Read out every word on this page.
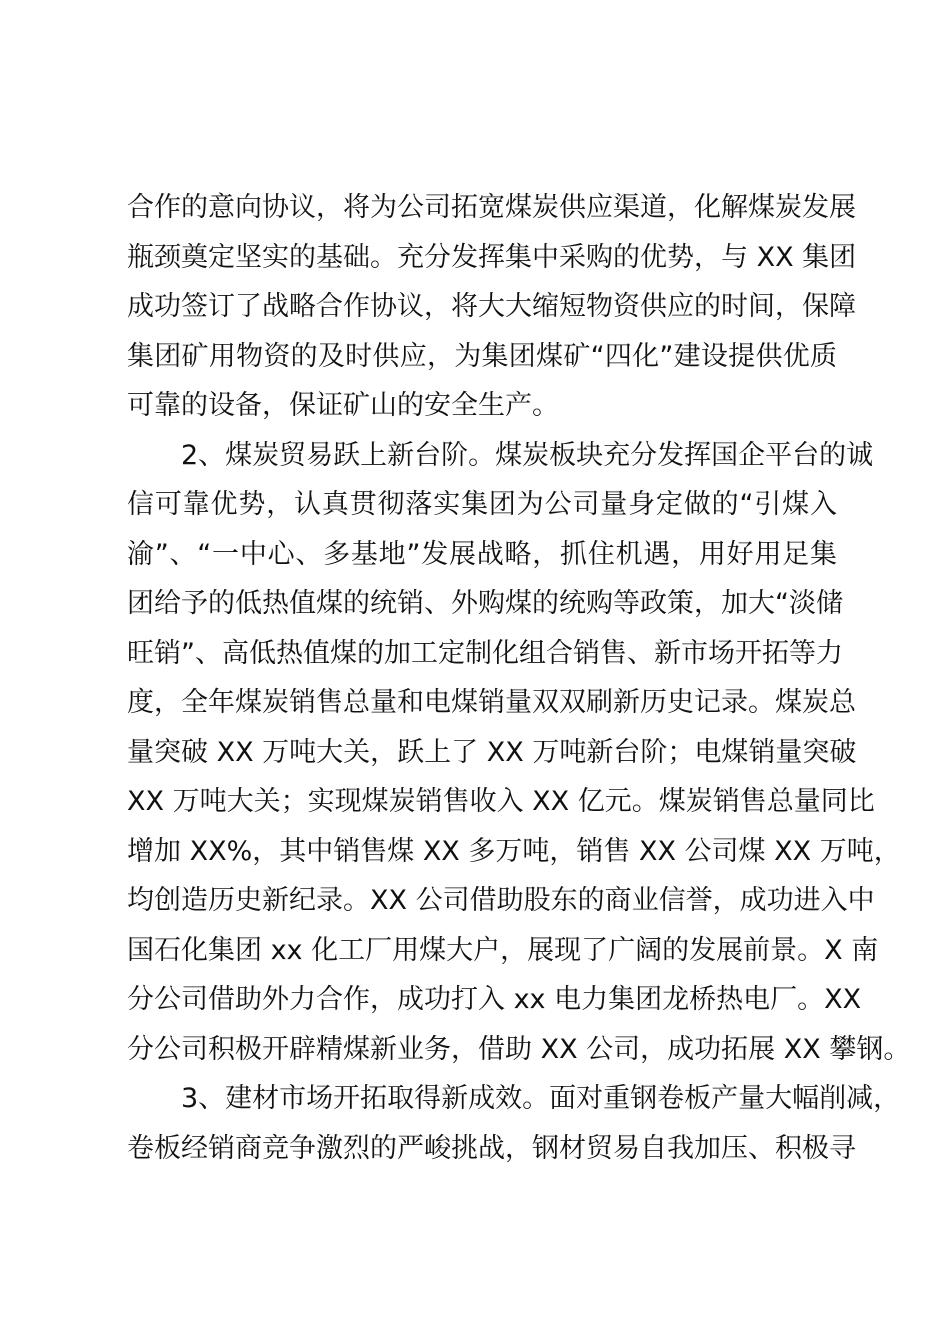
合作的意向协议，将为公司拓宽煤炭供应渠道，化解煤炭发展
瓶颈奠定坚实的基础。充分发挥集中采购的优势，与 XX 集团
成功签订了战略合作协议，将大大缩短物资供应的时间，保障
集团矿用物资的及时供应，为集团煤矿“四化”建设提供优质
可靠的设备，保证矿山的安全生产。
2、煤炭贸易跃上新台阶。煤炭板块充分发挥国企平台的诚
信可靠优势，认真贯彻落实集团为公司量身定做的“引煤入
渝”、“一中心、多基地”发展战略，抓住机遇，用好用足集
团给予的低热值煤的统销、外购煤的统购等政策，加大“淡储
旺销”、高低热值煤的加工定制化组合销售、新市场开拓等力
度，全年煤炭销售总量和电煤销量双双刷新历史记录。煤炭总
量突破 XX 万吨大关，跃上了 XX 万吨新台阶；电煤销量突破
XX 万吨大关；实现煤炭销售收入 XX 亿元。煤炭销售总量同比
增加 XX%，其中销售煤 XX 多万吨，销售 XX 公司煤 XX 万吨，
均创造历史新纪录。XX 公司借助股东的商业信誉，成功进入中
国石化集团 xx 化工厂用煤大户，展现了广阔的发展前景。X 南
分公司借助外力合作，成功打入 xx 电力集团龙桥热电厂。XX
分公司积极开辟精煤新业务，借助 XX 公司，成功拓展 XX 攀钢。
3、建材市场开拓取得新成效。面对重钢卷板产量大幅削减，
卷板经销商竞争激烈的严峻挑战，钢材贸易自我加压、积极寻
